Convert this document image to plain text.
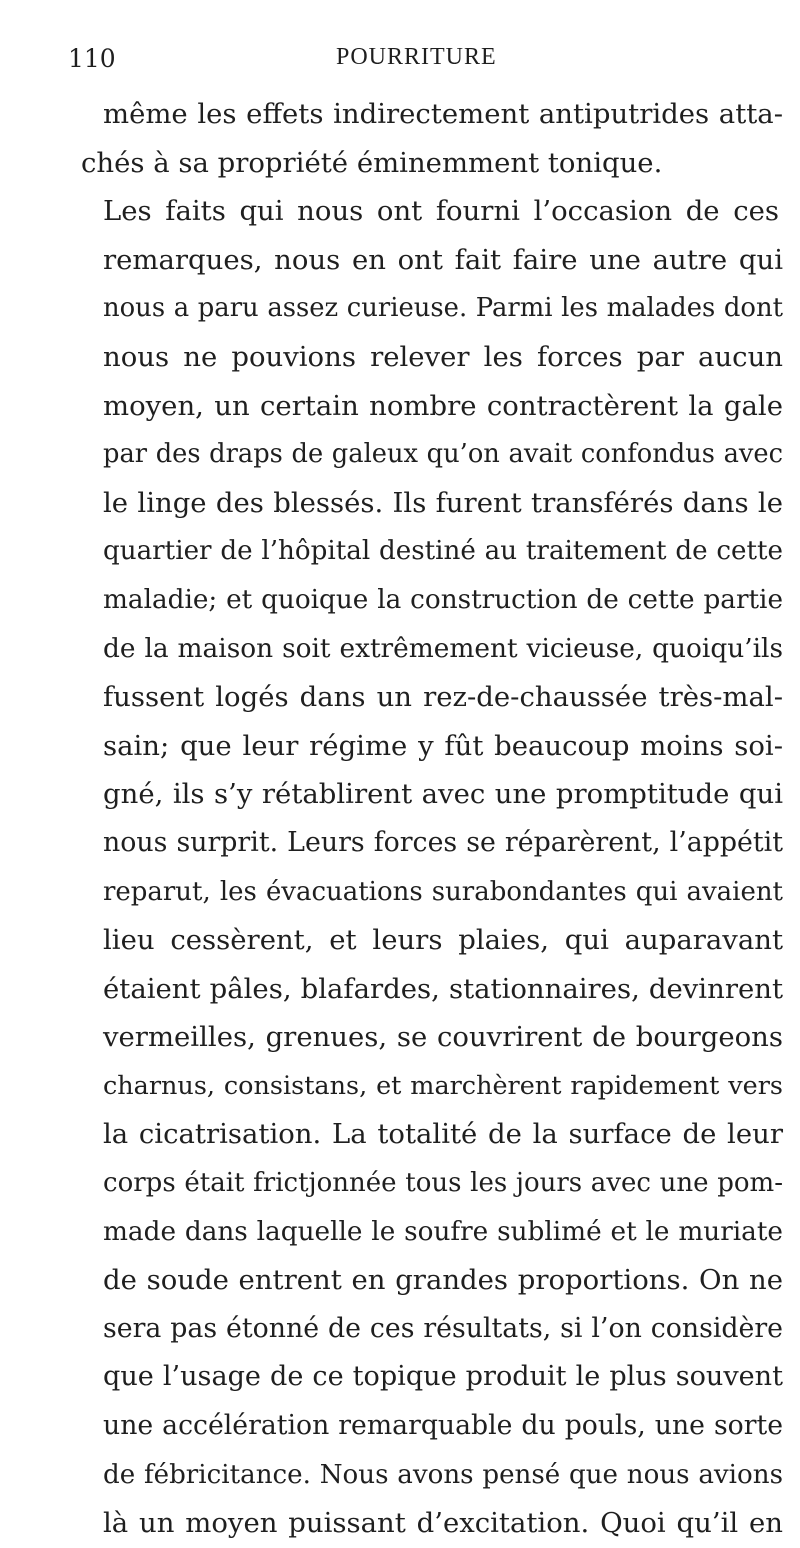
110	POURRITURE
même les effets indirectement antiputrides atta-
chés à sa propriété éminemment tonique.
Les faits qui nous ont fourni l’occasion de ces
remarques, nous en ont fait faire une autre qui
nous a paru assez curieuse. Parmi les malades dont
nous ne pouvions relever les forces par aucun
moyen, un certain nombre contractèrent la gale
par des draps de galeux qu’on avait confondus avec
le linge des blessés. Ils furent transférés dans le
quartier de l’hôpital destiné au traitement de cette
maladie; et quoique la construction de cette partie
de la maison soit extrêmement vicieuse, quoiqu’ils
fussent logés dans un rez-de-chaussée très-mal-
sain; que leur régime y fût beaucoup moins soi-
gné, ils s’y rétablirent avec une promptitude qui
nous surprit. Leurs forces se réparèrent, l’appétit
reparut, les évacuations surabondantes qui avaient
lieu cessèrent, et leurs plaies, qui auparavant
étaient pâles, blafardes, stationnaires, devinrent
vermeilles, grenues, se couvrirent de bourgeons
charnus, consistans, et marchèrent rapidement vers
la cicatrisation. La totalité de la surface de leur
corps était frictjonnée tous les jours avec une pom-
made dans laquelle le soufre sublimé et le muriate
de soude entrent en grandes proportions. On ne
sera pas étonné de ces résultats, si l’on considère
que l’usage de ce topique produit le plus souvent
une accélération remarquable du pouls, une sorte
de fébricitance. Nous avons pensé que nous avions
là un moyen puissant d’excitation. Quoi qu’il en
